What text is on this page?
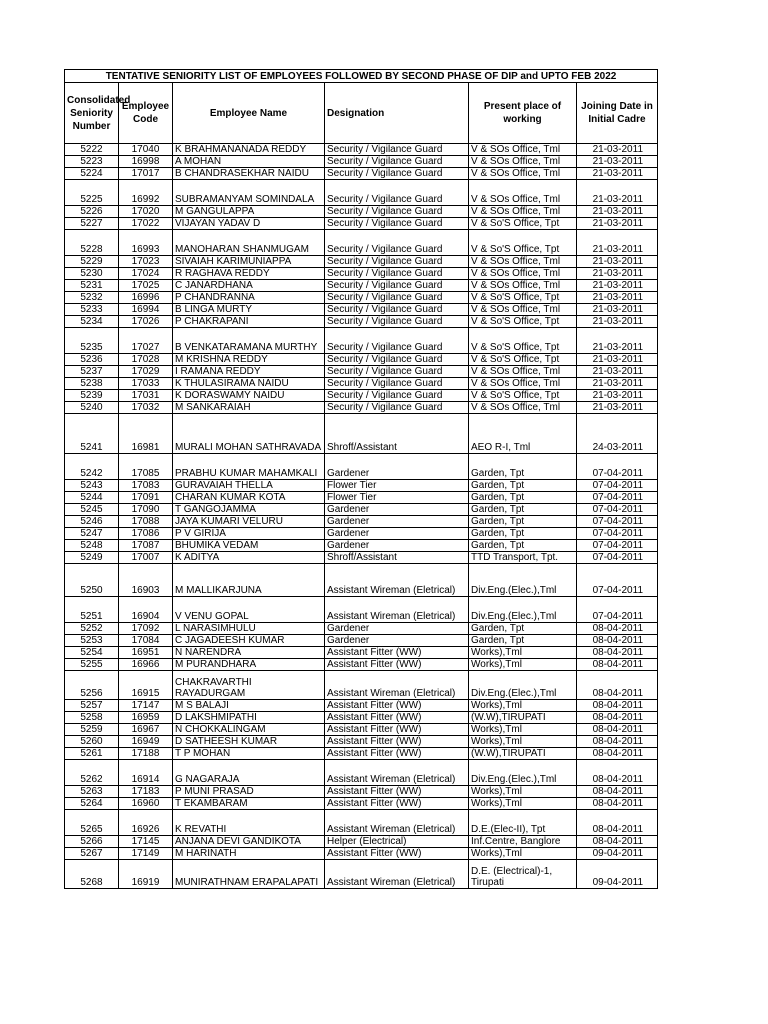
TENTATIVE SENIORITY LIST OF EMPLOYEES FOLLOWED BY SECOND PHASE OF DIP and UPTO FEB 2022					
Consolidated Seniority Number	Employee Code	Employee Name	Designation	Present place of working	Joining Date in Initial Cadre
5222	17040	K BRAHMANANADA REDDY	Security / Vigilance Guard	V & SOs Office, Tml	21-03-2011
5223	16998	A MOHAN	Security / Vigilance Guard	V & SOs Office, Tml	21-03-2011
5224	17017	B CHANDRASEKHAR NAIDU	Security / Vigilance Guard	V & SOs Office, Tml	21-03-2011
5225	16992	SUBRAMANYAM SOMINDALA	Security / Vigilance Guard	V & SOs Office, Tml	21-03-2011
5226	17020	M GANGULAPPA	Security / Vigilance Guard	V & SOs Office, Tml	21-03-2011
5227	17022	VIJAYAN YADAV D	Security / Vigilance Guard	V & So'S Office, Tpt	21-03-2011
5228	16993	MANOHARAN SHANMUGAM	Security / Vigilance Guard	V & So'S Office, Tpt	21-03-2011
5229	17023	SIVAIAH KARIMUNIAPPA	Security / Vigilance Guard	V & SOs Office, Tml	21-03-2011
5230	17024	R RAGHAVA REDDY	Security / Vigilance Guard	V & SOs Office, Tml	21-03-2011
5231	17025	C JANARDHANA	Security / Vigilance Guard	V & SOs Office, Tml	21-03-2011
5232	16996	P CHANDRANNA	Security / Vigilance Guard	V & So'S Office, Tpt	21-03-2011
5233	16994	B LINGA MURTY	Security / Vigilance Guard	V & SOs Office, Tml	21-03-2011
5234	17026	P CHAKRAPANI	Security / Vigilance Guard	V & So'S Office, Tpt	21-03-2011
5235	17027	B VENKATARAMANA MURTHY	Security / Vigilance Guard	V & So'S Office, Tpt	21-03-2011
5236	17028	M KRISHNA REDDY	Security / Vigilance Guard	V & So'S Office, Tpt	21-03-2011
5237	17029	I RAMANA REDDY	Security / Vigilance Guard	V & SOs Office, Tml	21-03-2011
5238	17033	K THULASIRAMA NAIDU	Security / Vigilance Guard	V & SOs Office, Tml	21-03-2011
5239	17031	K DORASWAMY NAIDU	Security / Vigilance Guard	V & So'S Office, Tpt	21-03-2011
5240	17032	M SANKARAIAH	Security / Vigilance Guard	V & SOs Office, Tml	21-03-2011
5241	16981	MURALI MOHAN SATHRAVADA	Shroff/Assistant	AEO R-I, Tml	24-03-2011
5242	17085	PRABHU KUMAR MAHAMKALI	Gardener	Garden, Tpt	07-04-2011
5243	17083	GURAVAIAH THELLA	Flower Tier	Garden, Tpt	07-04-2011
5244	17091	CHARAN KUMAR KOTA	Flower Tier	Garden, Tpt	07-04-2011
5245	17090	T GANGOJAMMA	Gardener	Garden, Tpt	07-04-2011
5246	17088	JAYA KUMARI VELURU	Gardener	Garden, Tpt	07-04-2011
5247	17086	P V GIRIJA	Gardener	Garden, Tpt	07-04-2011
5248	17087	BHUMIKA VEDAM	Gardener	Garden, Tpt	07-04-2011
5249	17007	K ADITYA	Shroff/Assistant	TTD Transport, Tpt.	07-04-2011
5250	16903	M MALLIKARJUNA	Assistant Wireman (Eletrical)	Div.Eng.(Elec.),Tml	07-04-2011
5251	16904	V VENU GOPAL	Assistant Wireman (Eletrical)	Div.Eng.(Elec.),Tml	07-04-2011
5252	17092	L NARASIMHULU	Gardener	Garden, Tpt	08-04-2011
5253	17084	C JAGADEESH KUMAR	Gardener	Garden, Tpt	08-04-2011
5254	16951	N NARENDRA	Assistant Fitter (WW)	Works),Tml	08-04-2011
5255	16966	M PURANDHARA	Assistant Fitter (WW)	Works),Tml	08-04-2011
5256	16915	CHAKRAVARTHI RAYADURGAM	Assistant Wireman (Eletrical)	Div.Eng.(Elec.),Tml	08-04-2011
5257	17147	M S BALAJI	Assistant Fitter (WW)	Works),Tml	08-04-2011
5258	16959	D LAKSHMIPATHI	Assistant Fitter (WW)	(W.W),TIRUPATI	08-04-2011
5259	16967	N CHOKKALINGAM	Assistant Fitter (WW)	Works),Tml	08-04-2011
5260	16949	D SATHEESH KUMAR	Assistant Fitter (WW)	Works),Tml	08-04-2011
5261	17188	T P MOHAN	Assistant Fitter (WW)	(W.W),TIRUPATI	08-04-2011
5262	16914	G NAGARAJA	Assistant Wireman (Eletrical)	Div.Eng.(Elec.),Tml	08-04-2011
5263	17183	P MUNI PRASAD	Assistant Fitter (WW)	Works),Tml	08-04-2011
5264	16960	T EKAMBARAM	Assistant Fitter (WW)	Works),Tml	08-04-2011
5265	16926	K REVATHI	Assistant Wireman (Eletrical)	D.E.(Elec-II), Tpt	08-04-2011
5266	17145	ANJANA DEVI GANDIKOTA	Helper (Electrical)	Inf.Centre, Banglore	08-04-2011
5267	17149	M HARINATH	Assistant Fitter (WW)	Works),Tml	09-04-2011
5268	16919	MUNIRATHNAM ERAPALAPATI	Assistant Wireman (Eletrical)	D.E. (Electrical)-1, Tirupati	09-04-2011
